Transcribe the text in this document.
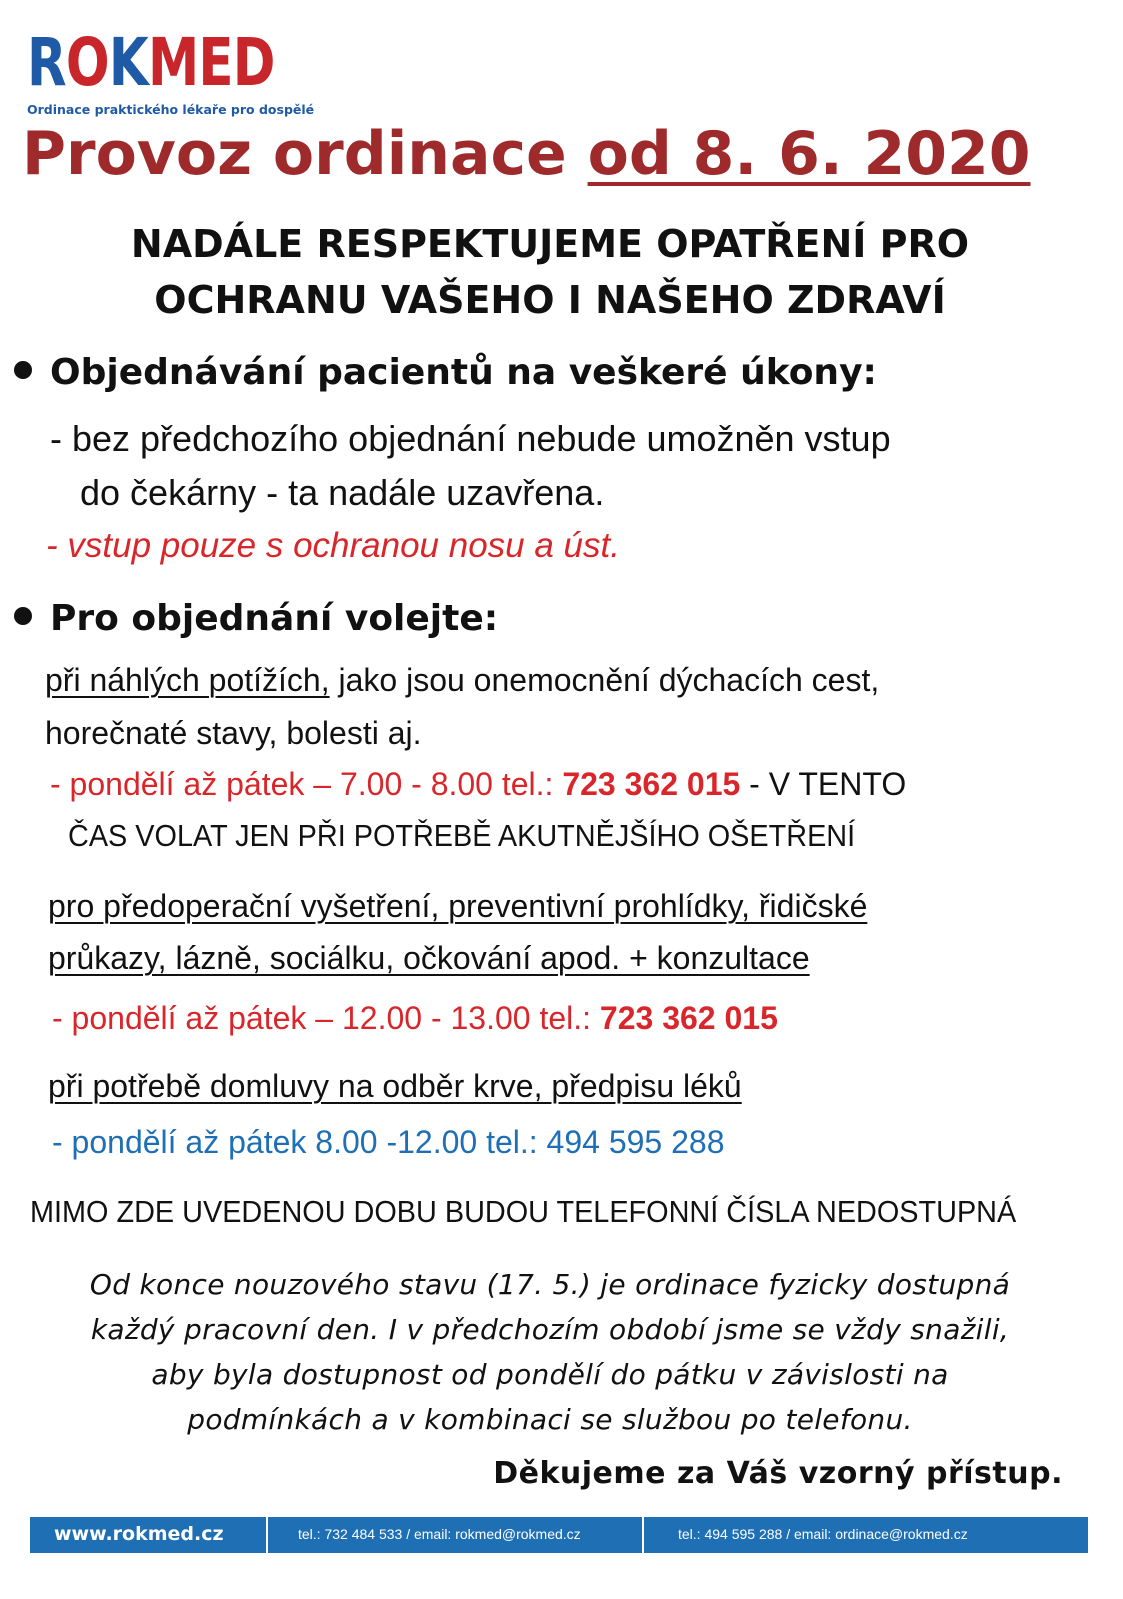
ROKMED
Ordinace praktického lékaře pro dospělé
Provoz ordinace od 8. 6. 2020
NADÁLE RESPEKTUJEME OPATŘENÍ PRO
OCHRANU VAŠEHO I NAŠEHO ZDRAVÍ
Objednávání pacientů na veškeré úkony:
- bez předchozího objednání nebude umožněn vstup
do čekárny - ta nadále uzavřena.
- vstup pouze s ochranou nosu a úst.
Pro objednání volejte:
při náhlých potížích, jako jsou onemocnění dýchacích cest,
horečnaté stavy, bolesti aj.
- pondělí až pátek – 7.00 - 8.00 tel.: 723 362 015 - V TENTO
ČAS VOLAT JEN PŘI POTŘEBĚ AKUTNĚJŠÍHO OŠETŘENÍ
pro předoperační vyšetření, preventivní prohlídky, řidičské
průkazy, lázně, sociálku, očkování apod. + konzultace
- pondělí až pátek – 12.00 - 13.00 tel.: 723 362 015
při potřebě domluvy na odběr krve, předpisu léků
- pondělí až pátek 8.00 -12.00 tel.: 494 595 288
MIMO ZDE UVEDENOU DOBU BUDOU TELEFONNÍ ČÍSLA NEDOSTUPNÁ
Od konce nouzového stavu (17. 5.) je ordinace fyzicky dostupná
každý pracovní den. I v předchozím období jsme se vždy snažili,
aby byla dostupnost od pondělí do pátku v závislosti na
podmínkách a v kombinaci se službou po telefonu.
Děkujeme za Váš vzorný přístup.
www.rokmed.cz	tel.: 732 484 533 / email: rokmed@rokmed.cz	tel.: 494 595 288 / email: ordinace@rokmed.cz
